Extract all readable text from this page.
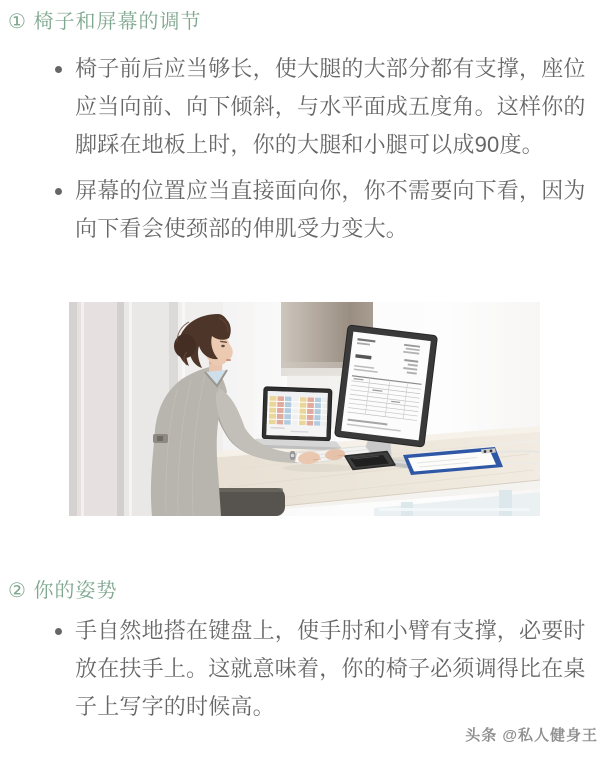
① 椅子和屏幕的调节
• 椅子前后应当够长，使大腿的大部分都有支撑，座位应当向前、向下倾斜，与水平面成五度角。这样你的脚踩在地板上时，你的大腿和小腿可以成90度。
• 屏幕的位置应当直接面向你，你不需要向下看，因为向下看会使颈部的伸肌受力变大。
② 你的姿势
• 手自然地搭在键盘上，使手肘和小臂有支撑，必要时放在扶手上。这就意味着，你的椅子必须调得比在桌子上写字的时候高。
头条 @私人健身王
